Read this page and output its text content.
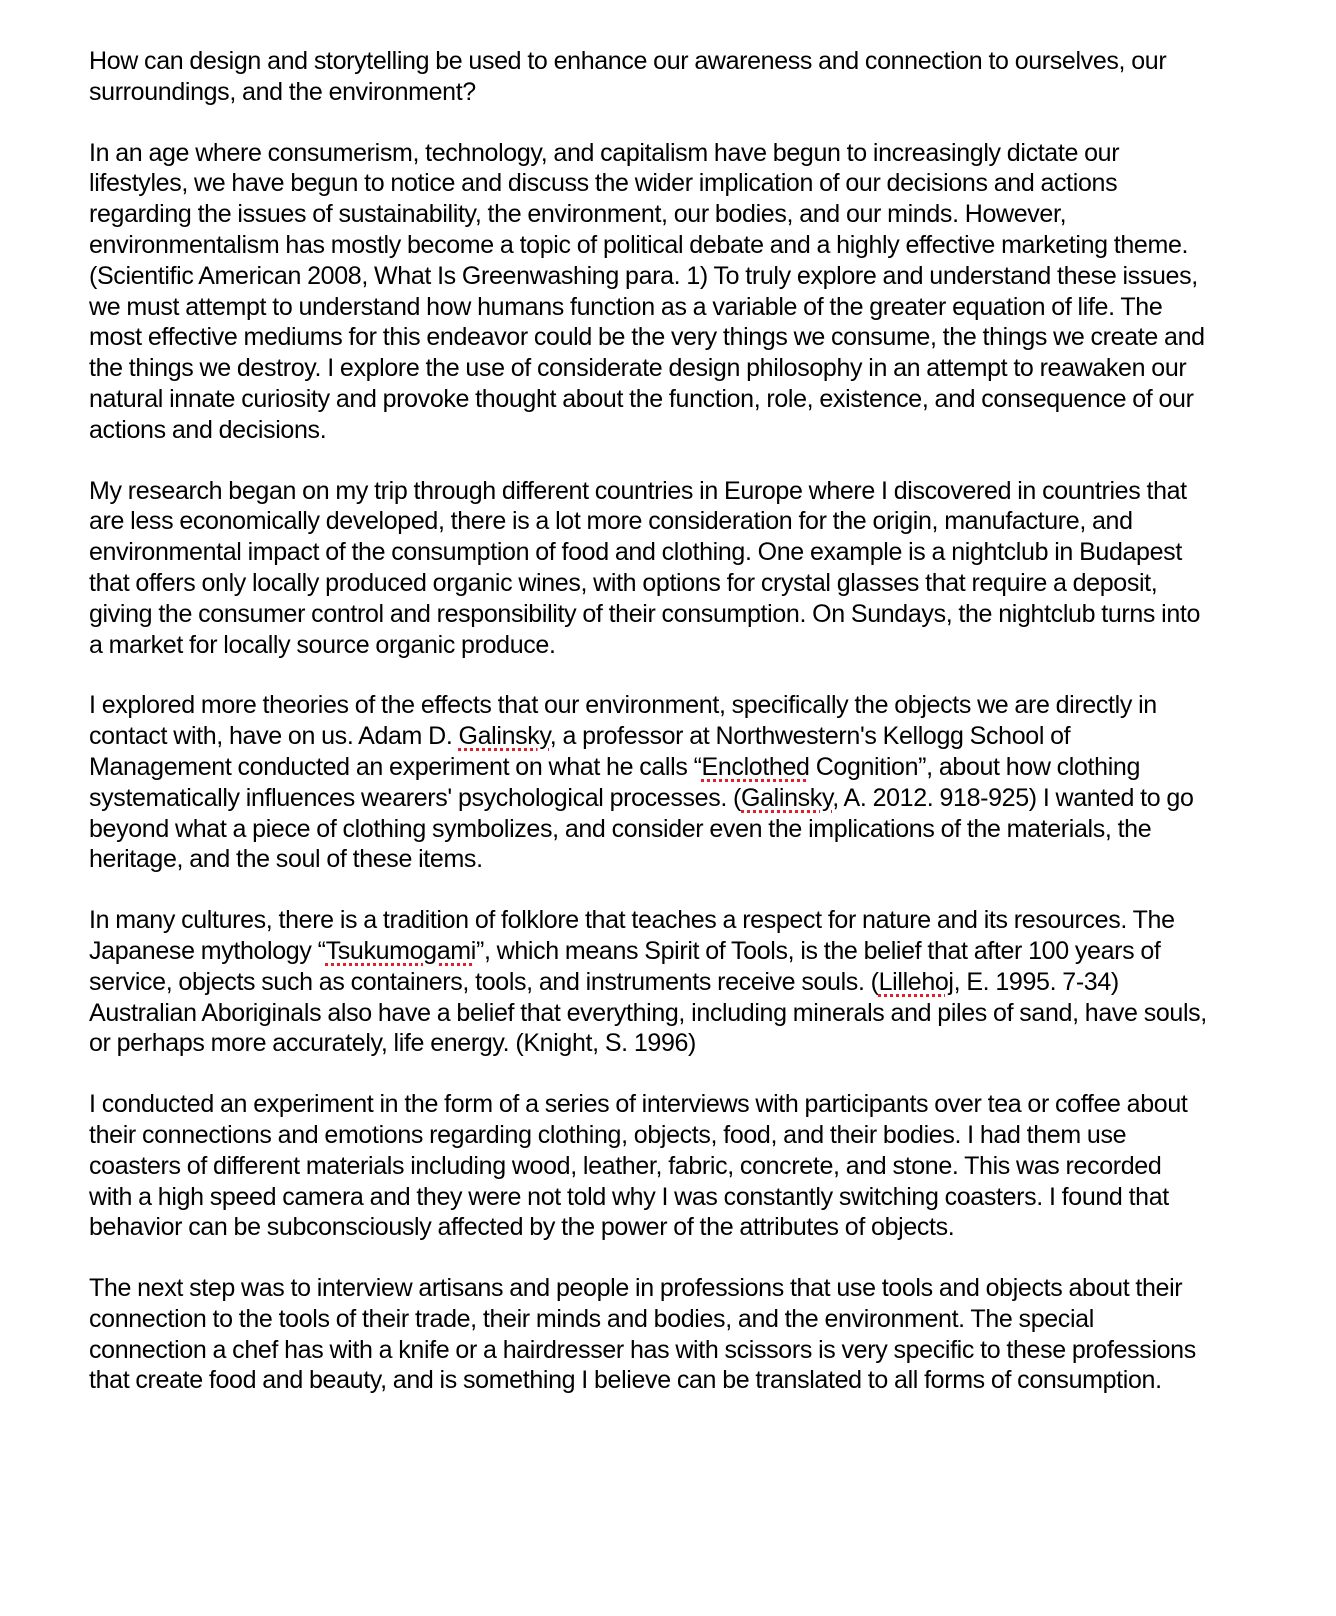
How can design and storytelling be used to enhance our awareness and connection to ourselves, our surroundings, and the environment?

In an age where consumerism, technology, and capitalism have begun to increasingly dictate our lifestyles, we have begun to notice and discuss the wider implication of our decisions and actions regarding the issues of sustainability, the environment, our bodies, and our minds. However, environmentalism has mostly become a topic of political debate and a highly effective marketing theme. (Scientific American 2008, What Is Greenwashing para. 1) To truly explore and understand these issues, we must attempt to understand how humans function as a variable of the greater equation of life. The most effective mediums for this endeavor could be the very things we consume, the things we create and the things we destroy. I explore the use of considerate design philosophy in an attempt to reawaken our natural innate curiosity and provoke thought about the function, role, existence, and consequence of our actions and decisions.

My research began on my trip through different countries in Europe where I discovered in countries that are less economically developed, there is a lot more consideration for the origin, manufacture, and environmental impact of the consumption of food and clothing. One example is a nightclub in Budapest that offers only locally produced organic wines, with options for crystal glasses that require a deposit, giving the consumer control and responsibility of their consumption. On Sundays, the nightclub turns into a market for locally source organic produce.

I explored more theories of the effects that our environment, specifically the objects we are directly in contact with, have on us. Adam D. Galinsky, a professor at Northwestern's Kellogg School of Management conducted an experiment on what he calls “Enclothed Cognition”, about how clothing systematically influences wearers' psychological processes. (Galinsky, A. 2012. 918-925) I wanted to go beyond what a piece of clothing symbolizes, and consider even the implications of the materials, the heritage, and the soul of these items.

In many cultures, there is a tradition of folklore that teaches a respect for nature and its resources. The Japanese mythology “Tsukumogami”, which means Spirit of Tools, is the belief that after 100 years of service, objects such as containers, tools, and instruments receive souls. (Lillehoj, E. 1995. 7-34) Australian Aboriginals also have a belief that everything, including minerals and piles of sand, have souls, or perhaps more accurately, life energy. (Knight, S. 1996)

I conducted an experiment in the form of a series of interviews with participants over tea or coffee about their connections and emotions regarding clothing, objects, food, and their bodies. I had them use coasters of different materials including wood, leather, fabric, concrete, and stone. This was recorded with a high speed camera and they were not told why I was constantly switching coasters. I found that behavior can be subconsciously affected by the power of the attributes of objects.

The next step was to interview artisans and people in professions that use tools and objects about their connection to the tools of their trade, their minds and bodies, and the environment. The special connection a chef has with a knife or a hairdresser has with scissors is very specific to these professions that create food and beauty, and is something I believe can be translated to all forms of consumption.
